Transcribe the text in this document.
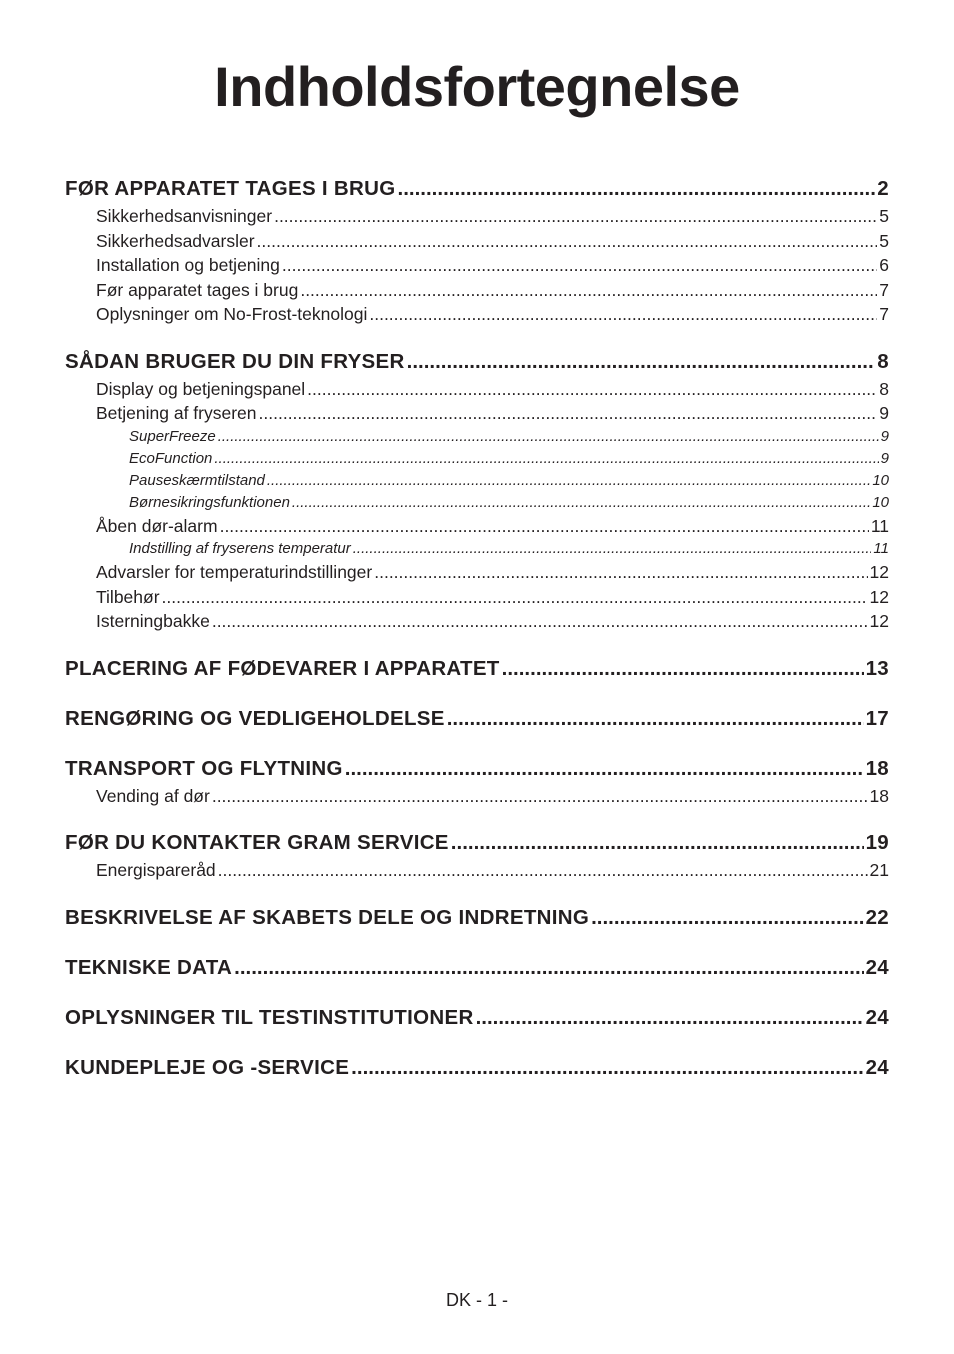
Indholdsfortegnelse
FØR APPARATET TAGES I BRUG .....	2
Sikkerhedsanvisninger .....	5
Sikkerhedsadvarsler .....	5
Installation og betjening .....	6
Før apparatet tages i brug .....	7
Oplysninger om No-Frost-teknologi .....	7
SÅDAN BRUGER DU DIN FRYSER .....	8
Display og betjeningspanel .....	8
Betjening af fryseren .....	9
SuperFreeze .....	9
EcoFunction .....	9
Pauseskærmtilstand .....	10
Børnesikringsfunktionen .....	10
Åben dør-alarm .....	11
Indstilling af fryserens temperatur .....	11
Advarsler for temperaturindstillinger .....	12
Tilbehør .....	12
Isterningbakke .....	12
PLACERING AF FØDEVARER I APPARATET .....	13
RENGØRING OG VEDLIGEHOLDELSE .....	17
TRANSPORT OG FLYTNING .....	18
Vending af dør .....	18
FØR DU KONTAKTER GRAM SERVICE .....	19
Energisparеråd .....	21
BESKRIVELSE AF SKABETS DELE OG INDRETNING .....	22
TEKNISKE DATA .....	24
OPLYSNINGER TIL TESTINSTITUTIONER .....	24
KUNDEPLEJE OG -SERVICE .....	24
DK - 1 -
